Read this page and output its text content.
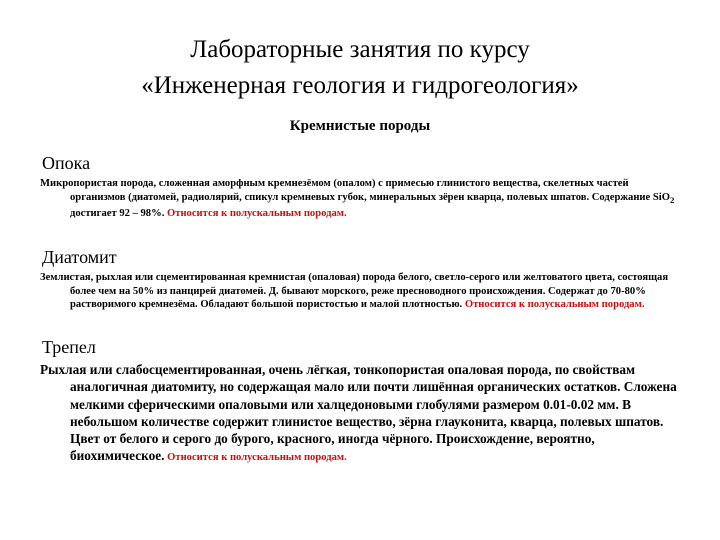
Лабораторные занятия по курсу
«Инженерная геология и гидрогеология»
Кремнистые породы
Опока

Микропористая порода, сложенная аморфным кремнезёмом (опалом) с примесью глинистого вещества, скелетных частей организмов (диатомей, радиолярий, спикул кремневых губок, минеральных зёрен кварца, полевых шпатов. Содержание SiO$_2$ достигает 92 – 98%. Относится к полускальным породам.

Диатомит

Землистая, рыхлая или сцементированная кремнистая (опаловая) порода белого, светло-серого или желтоватого цвета, состоящая более чем на 50% из панцирей диатомей. Д. бывают морского, реже пресноводного происхождения. Содержат до 70-80% растворимого кремнезёма. Обладают большой пористостью и малой плотностью. Относится к полускальным породам.

Трепел

Рыхлая или слабосцементированная, очень лёгкая, тонкопористая опаловая порода, по свойствам аналогичная диатомиту, но содержащая мало или почти лишённая органических остатков. Сложена мелкими сферическими опаловыми или халцедоновыми глобулями размером 0.01-0.02 мм. В небольшом количестве содержит глинистое вещество, зёрна глауконита, кварца, полевых шпатов. Цвет от белого и серого до бурого, красного, иногда чёрного. Происхождение, вероятно, биохимическое. Относится к полускальным породам.
